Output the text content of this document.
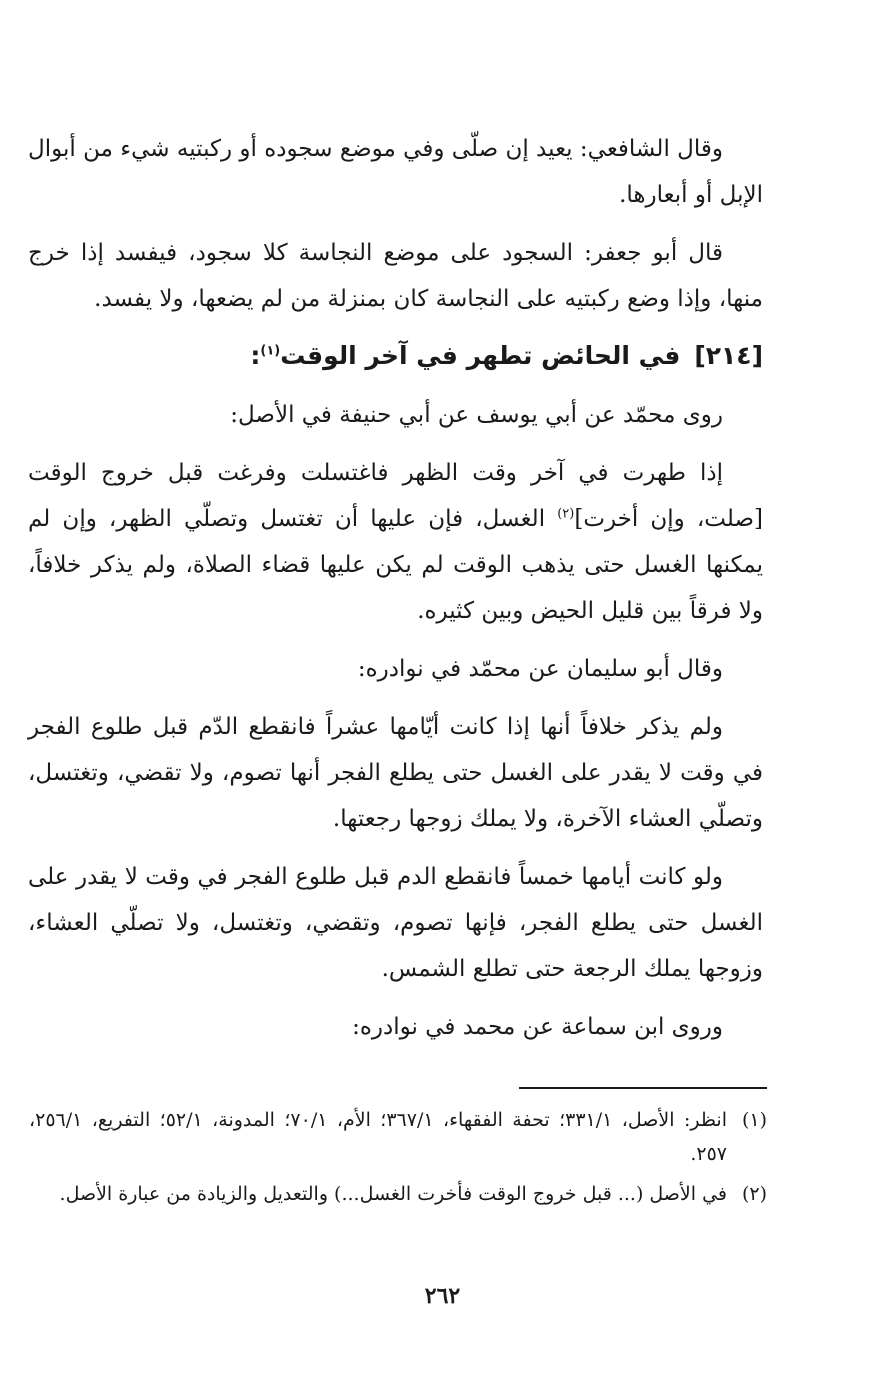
وقال الشافعي: يعيد إن صلّى وفي موضع سجوده أو ركبتيه شيء من أبوال الإبل أو أبعارها.

قال أبو جعفر: السجود على موضع النجاسة كلا سجود، فيفسد إذا خرج منها، وإذا وضع ركبتيه على النجاسة كان بمنزلة من لم يضعها، ولا يفسد.

[٢١٤]في الحائض تطهر في آخر الوقت$^{(١)}$:

روى محمّد عن أبي يوسف عن أبي حنيفة في الأصل:

إذا طهرت في آخر وقت الظهر فاغتسلت وفرغت قبل خروج الوقت [صلت، وإن أخرت]$^{(٢)}$ الغسل، فإن عليها أن تغتسل وتصلّي الظهر، وإن لم يمكنها الغسل حتى يذهب الوقت لم يكن عليها قضاء الصلاة، ولم يذكر خلافاً، ولا فرقاً بين قليل الحيض وبين كثيره.

وقال أبو سليمان عن محمّد في نوادره:

ولم يذكر خلافاً أنها إذا كانت أيّامها عشراً فانقطع الدّم قبل طلوع الفجر في وقت لا يقدر على الغسل حتى يطلع الفجر أنها تصوم، ولا تقضي، وتغتسل، وتصلّي العشاء الآخرة، ولا يملك زوجها رجعتها.

ولو كانت أيامها خمساً فانقطع الدم قبل طلوع الفجر في وقت لا يقدر على الغسل حتى يطلع الفجر، فإنها تصوم، وتقضي، وتغتسل، ولا تصلّي العشاء، وزوجها يملك الرجعة حتى تطلع الشمس.

وروى ابن سماعة عن محمد في نوادره:

(١)
انظر: الأصل، ٣٣١/١؛ تحفة الفقهاء، ٣٦٧/١؛ الأم، ٧٠/١؛ المدونة، ٥٢/١؛ التفريع، ٢٥٦/١، ٢٥٧.
(٢)
في الأصل (... قبل خروج الوقت فأخرت الغسل...) والتعديل والزيادة من عبارة الأصل.
٢٦٢
